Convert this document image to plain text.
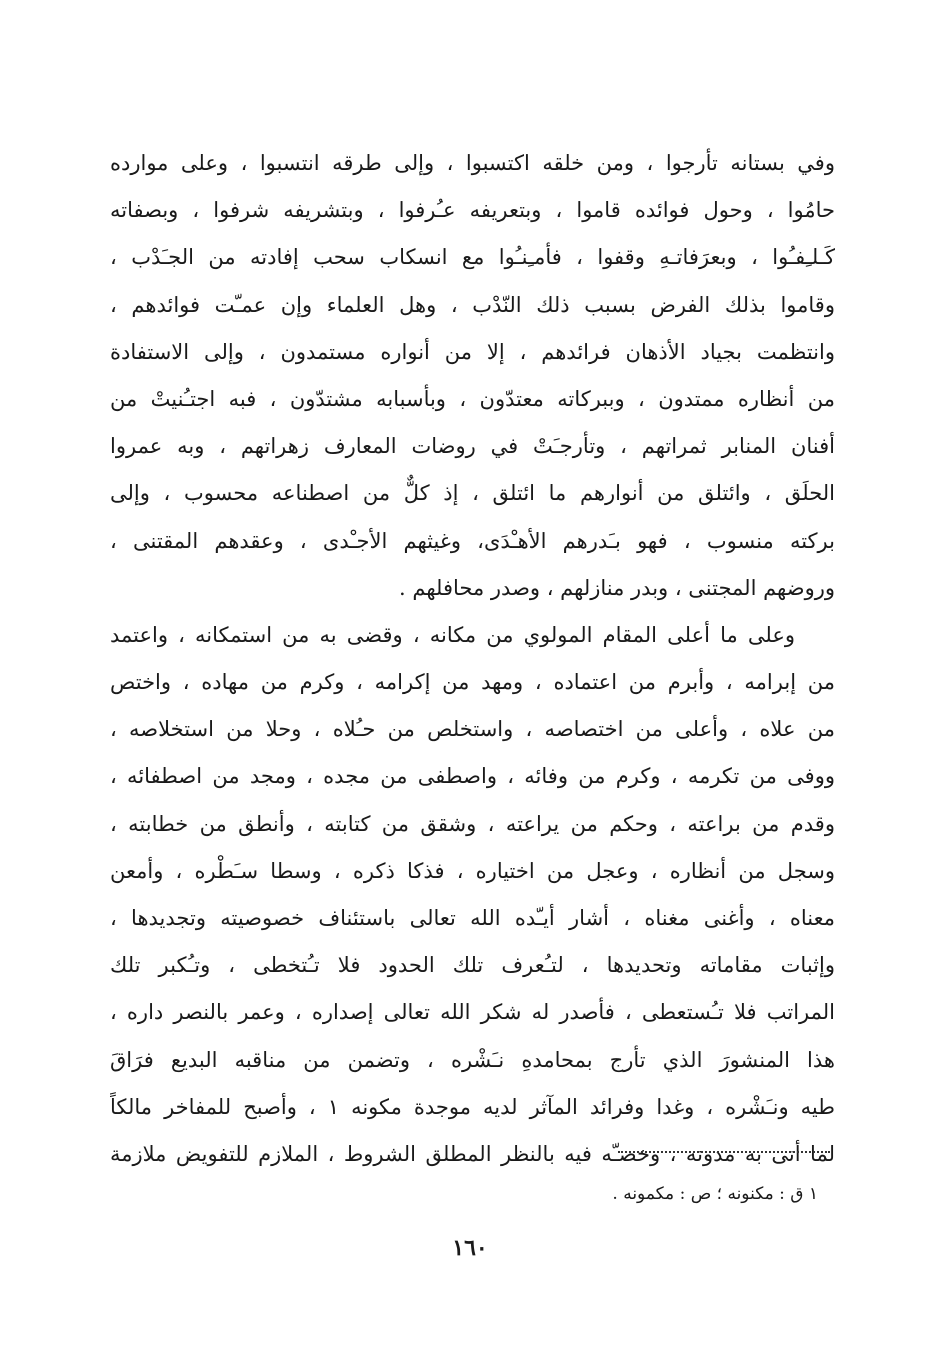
وفي بستانه تأرجوا ، ومن خلقه اكتسبوا ، وإلى طرقه انتسبوا ، وعلى موارده
حامُوا ، وحول فوائده قاموا ، وبتعريفه عـُرفوا ، وبتشريفه شرفوا ، وبصفاته
كَـلـِفـُوا ، وبعرَفاتـهِ وقفوا ، فأمـِنـُوا مع انسكاب سحب إفادته من الجـَدْب ،
وقاموا بذلك الفرض بسبب ذلك النّدْب ، وهل العلماء وإن عمـّت فوائدهم ،
وانتظمت بجياد الأذهان فرائدهم ، إلا من أنواره مستمدون ، وإلى الاستفادة
من أنظاره ممتدون ، وببركاته معتدّون ، وبأسبابه مشتدّون ، فبه اجتـُنيتْ من
أفنان المنابر ثمراتهم ، وتأرجـَتْ في روضات المعارف زهراتهم ، وبه عمروا
الحلَق ، وائتلق من أنوارهم ما ائتلق ، إذ كلٌّ من اصطناعه محسوب ، وإلى
بركته منسوب ، فهو بـَدرهم الأهـْدَى، وغيثهم الأجـْدى ، وعقدهم المقتنى ،
وروضهم المجتنى ، وبدر منازلهم ، وصدر محافلهم .
وعلى ما أعلى المقام المولوي من مكانه ، وقضى به من استمكانه ، واعتمد
من إبرامه ، وأبرم من اعتماده ، ومهد من إكرامه ، وكرم من مهاده ، واختص
من علاه ، وأعلى من اختصاصه ، واستخلص من حـُلاه ، وحلا من استخلاصه ،
ووفى من تكرمه ، وكرم من وفائه ، واصطفى من مجده ، ومجد من اصطفائه ،
وقدم من براعته ، وحكم من يراعته ، وشقق من كتابته ، وأنطق من خطابته ،
وسجل من أنظاره ، وعجل من اختياره ، فذكا ذكره ، وسطا سـَطْره ، وأمعن
معناه ، وأغنى مغناه ، أشار أيـّده الله تعالى باستئناف خصوصيته وتجديدها ،
وإثبات مقاماته وتحديدها ، لتـُعرف تلك الحدود فلا تـُتخطى ، وتـُكبر تلك
المراتب فلا تـُستعطى ، فأصدر له شكر الله تعالى إصداره ، وعمر بالنصر داره ،
هذا المنشورَ الذي تأرج بمحامدهِ نـَشْره ، وتضمن من مناقبه البديع فرَاقَ
طيه ونـَشْره ، وغدا وفرائد المآثر لديه موجدة مكونه ١ ، وأصبح للمفاخر مالكاً
لما أتى به مدونه ، وخصـّه فيه بالنظر المطلق الشروط ، الملازم للتفويض ملازمة
١ ق : مكنونه ؛ ص : مكمونه .
١٦٠
